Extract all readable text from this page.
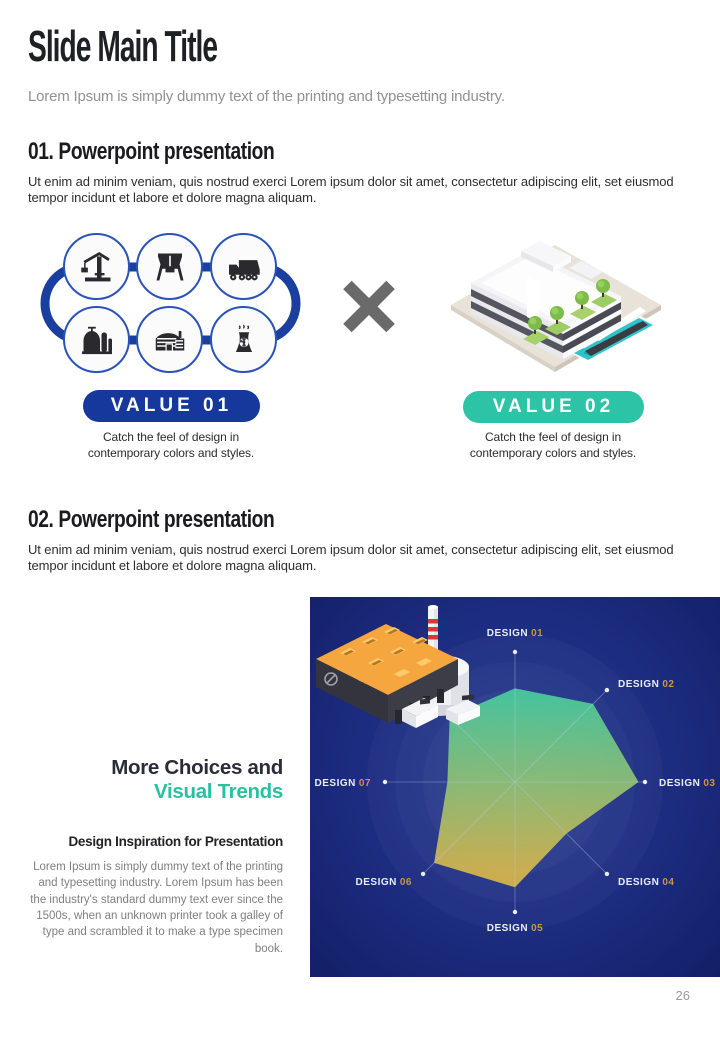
Slide Main Title
Lorem Ipsum is simply dummy text of the printing and typesetting industry.
01. Powerpoint presentation
Ut enim ad minim veniam, quis nostrud exerci Lorem ipsum dolor sit amet, consectetur adipiscing elit, set eiusmod tempor incidunt et labore et dolore magna aliquam.
VALUE 01	VALUE 02
Catch the feel of design in contemporary colors and styles.
Catch the feel of design in contemporary colors and styles.
02. Powerpoint presentation
Ut enim ad minim veniam, quis nostrud exerci Lorem ipsum dolor sit amet, consectetur adipiscing elit, set eiusmod tempor incidunt et labore et dolore magna aliquam.
More Choices and
Visual Trends
Design Inspiration for Presentation
Lorem Ipsum is simply dummy text of the printing and typesetting industry. Lorem Ipsum has been the industry's standard dummy text ever since the 1500s, when an unknown printer took a galley of type and scrambled it to make a type specimen book.
DESIGN 01
DESIGN 02
DESIGN 03
DESIGN 04
DESIGN 05
DESIGN 06
DESIGN 07
26
